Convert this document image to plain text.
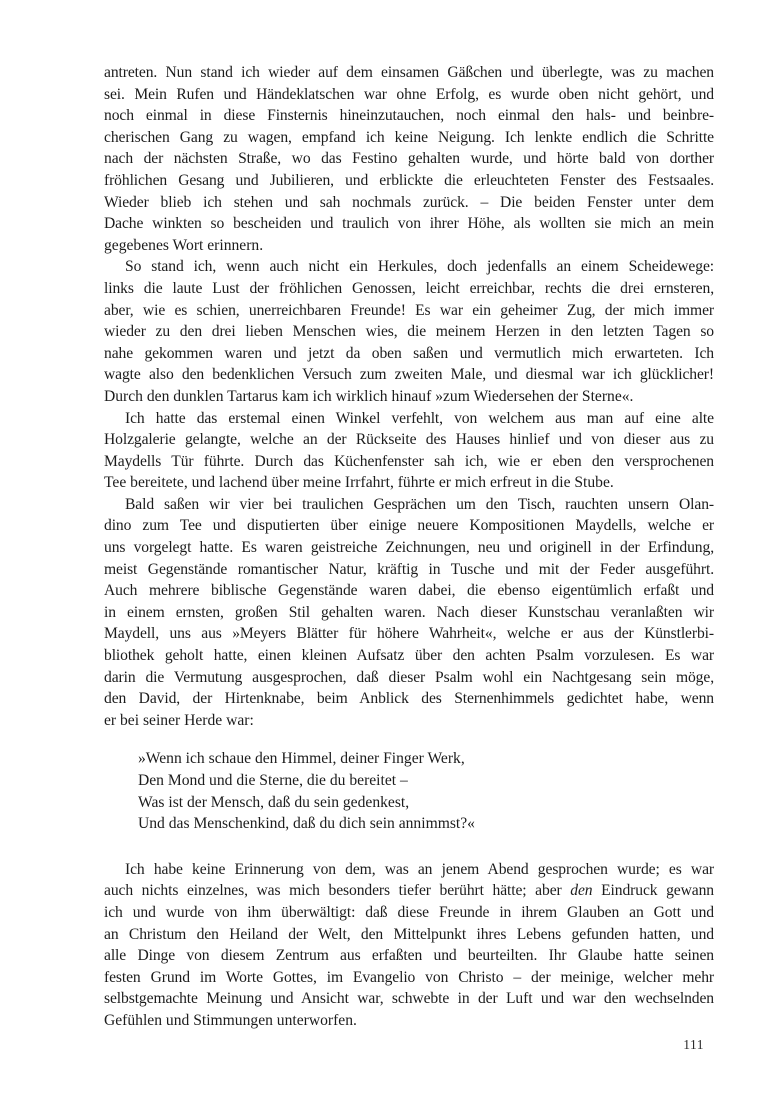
antreten. Nun stand ich wieder auf dem einsamen Gäßchen und überlegte, was zu machen
sei. Mein Rufen und Händeklatschen war ohne Erfolg, es wurde oben nicht gehört, und
noch einmal in diese Finsternis hineinzutauchen, noch einmal den hals- und beinbre-
cherischen Gang zu wagen, empfand ich keine Neigung. Ich lenkte endlich die Schritte
nach der nächsten Straße, wo das Festino gehalten wurde, und hörte bald von dorther
fröhlichen Gesang und Jubilieren, und erblickte die erleuchteten Fenster des Festsaales.
Wieder blieb ich stehen und sah nochmals zurück. – Die beiden Fenster unter dem
Dache winkten so bescheiden und traulich von ihrer Höhe, als wollten sie mich an mein
gegebenes Wort erinnern.
So stand ich, wenn auch nicht ein Herkules, doch jedenfalls an einem Scheidewege:
links die laute Lust der fröhlichen Genossen, leicht erreichbar, rechts die drei ernsteren,
aber, wie es schien, unerreichbaren Freunde! Es war ein geheimer Zug, der mich immer
wieder zu den drei lieben Menschen wies, die meinem Herzen in den letzten Tagen so
nahe gekommen waren und jetzt da oben saßen und vermutlich mich erwarteten. Ich
wagte also den bedenklichen Versuch zum zweiten Male, und diesmal war ich glücklicher!
Durch den dunklen Tartarus kam ich wirklich hinauf »zum Wiedersehen der Sterne«.
Ich hatte das erstemal einen Winkel verfehlt, von welchem aus man auf eine alte
Holzgalerie gelangte, welche an der Rückseite des Hauses hinlief und von dieser aus zu
Maydells Tür führte. Durch das Küchenfenster sah ich, wie er eben den versprochenen
Tee bereitete, und lachend über meine Irrfahrt, führte er mich erfreut in die Stube.
Bald saßen wir vier bei traulichen Gesprächen um den Tisch, rauchten unsern Olan-
dino zum Tee und disputierten über einige neuere Kompositionen Maydells, welche er
uns vorgelegt hatte. Es waren geistreiche Zeichnungen, neu und originell in der Erfindung,
meist Gegenstände romantischer Natur, kräftig in Tusche und mit der Feder ausgeführt.
Auch mehrere biblische Gegenstände waren dabei, die ebenso eigentümlich erfaßt und
in einem ernsten, großen Stil gehalten waren. Nach dieser Kunstschau veranlaßten wir
Maydell, uns aus »Meyers Blätter für höhere Wahrheit«, welche er aus der Künstlerbi-
bliothek geholt hatte, einen kleinen Aufsatz über den achten Psalm vorzulesen. Es war
darin die Vermutung ausgesprochen, daß dieser Psalm wohl ein Nachtgesang sein möge,
den David, der Hirtenknabe, beim Anblick des Sternenhimmels gedichtet habe, wenn
er bei seiner Herde war:
»Wenn ich schaue den Himmel, deiner Finger Werk,
Den Mond und die Sterne, die du bereitet –
Was ist der Mensch, daß du sein gedenkest,
Und das Menschenkind, daß du dich sein annimmst?«
Ich habe keine Erinnerung von dem, was an jenem Abend gesprochen wurde; es war
auch nichts einzelnes, was mich besonders tiefer berührt hätte; aber den Eindruck gewann
ich und wurde von ihm überwältigt: daß diese Freunde in ihrem Glauben an Gott und
an Christum den Heiland der Welt, den Mittelpunkt ihres Lebens gefunden hatten, und
alle Dinge von diesem Zentrum aus erfaßten und beurteilten. Ihr Glaube hatte seinen
festen Grund im Worte Gottes, im Evangelio von Christo – der meinige, welcher mehr
selbstgemachte Meinung und Ansicht war, schwebte in der Luft und war den wechselnden
Gefühlen und Stimmungen unterworfen.
111
